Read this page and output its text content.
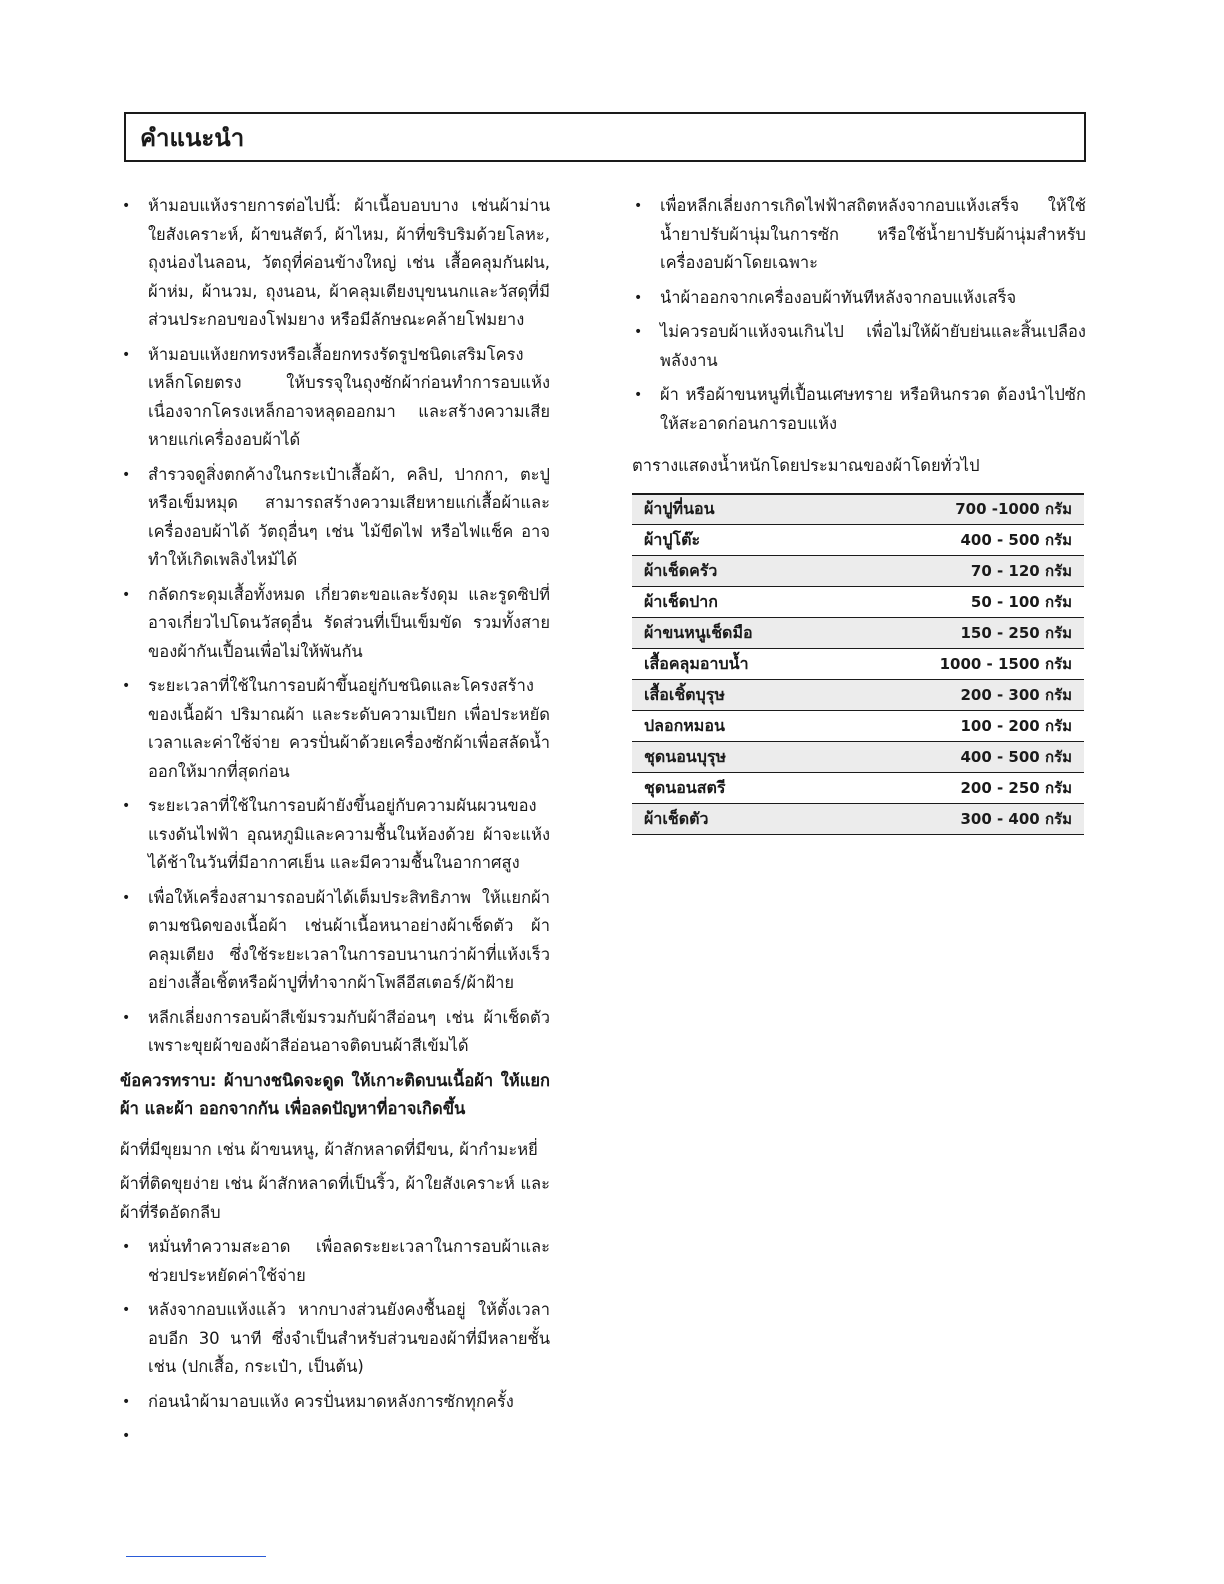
คำแนะนำ
• ห้ามอบแห้งรายการต่อไปนี้: ผ้าเนื้อบอบบาง เช่นผ้าม่านใยสังเคราะห์, ผ้าขนสัตว์, ผ้าไหม, ผ้าที่ขริบริมด้วยโลหะ, ถุงน่องไนลอน, วัตถุที่ค่อนข้างใหญ่ เช่น เสื้อคลุมกันฝน, ผ้าห่ม, ผ้านวม, ถุงนอน, ผ้าคลุมเตียงบุขนนกและวัสดุที่มีส่วนประกอบของโฟมยาง หรือมีลักษณะคล้ายโฟมยาง
• ห้ามอบแห้งยกทรงหรือเสื้อยกทรงรัดรูปชนิดเสริมโครงเหล็กโดยตรง ให้บรรจุในถุงซักผ้าก่อนทำการอบแห้ง เนื่องจากโครงเหล็กอาจหลุดออกมา และสร้างความเสียหายแก่เครื่องอบผ้าได้
• สำรวจดูสิ่งตกค้างในกระเป๋าเสื้อผ้า, คลิป, ปากกา, ตะปูหรือเข็มหมุด สามารถสร้างความเสียหายแก่เสื้อผ้าและเครื่องอบผ้าได้ วัตถุอื่นๆ เช่น ไม้ขีดไฟ หรือไฟแช็ค อาจทำให้เกิดเพลิงไหม้ได้
• กลัดกระดุมเสื้อทั้งหมด เกี่ยวตะขอและรังดุม และรูดซิปที่อาจเกี่ยวไปโดนวัสดุอื่น รัดส่วนที่เป็นเข็มขัด รวมทั้งสายของผ้ากันเปื้อนเพื่อไม่ให้พันกัน
• ระยะเวลาที่ใช้ในการอบผ้าขึ้นอยู่กับชนิดและโครงสร้างของเนื้อผ้า ปริมาณผ้า และระดับความเปียก เพื่อประหยัดเวลาและค่าใช้จ่าย ควรปั่นผ้าด้วยเครื่องซักผ้าเพื่อสลัดน้ำออกให้มากที่สุดก่อน
• ระยะเวลาที่ใช้ในการอบผ้ายังขึ้นอยู่กับความผันผวนของแรงดันไฟฟ้า อุณหภูมิและความชื้นในห้องด้วย ผ้าจะแห้งได้ช้าในวันที่มีอากาศเย็น และมีความชื้นในอากาศสูง
• เพื่อให้เครื่องสามารถอบผ้าได้เต็มประสิทธิภาพ ให้แยกผ้าตามชนิดของเนื้อผ้า เช่นผ้าเนื้อหนาอย่างผ้าเช็ดตัว ผ้าคลุมเตียง ซึ่งใช้ระยะเวลาในการอบนานกว่าผ้าที่แห้งเร็วอย่างเสื้อเชิ้ตหรือผ้าปูที่ทำจากผ้าโพลีอีสเตอร์/ผ้าฝ้าย
• หลีกเลี่ยงการอบผ้าสีเข้มรวมกับผ้าสีอ่อนๆ เช่น ผ้าเช็ดตัว เพราะขุยผ้าของผ้าสีอ่อนอาจติดบนผ้าสีเข้มได้
ข้อควรทราบ: ผ้าบางชนิดจะดูด ให้เกาะติดบนเนื้อผ้า ให้แยกผ้า และผ้า ออกจากกัน เพื่อลดปัญหาที่อาจเกิดขึ้น
ผ้าที่มีขุยมาก เช่น ผ้าขนหนู, ผ้าสักหลาดที่มีขน, ผ้ากำมะหยี่
ผ้าที่ติดขุยง่าย เช่น ผ้าสักหลาดที่เป็นริ้ว, ผ้าใยสังเคราะห์ และผ้าที่รีดอัดกลีบ
• หมั่นทำความสะอาด เพื่อลดระยะเวลาในการอบผ้าและช่วยประหยัดค่าใช้จ่าย
• หลังจากอบแห้งแล้ว หากบางส่วนยังคงชื้นอยู่ ให้ตั้งเวลาอบอีก 30 นาที ซึ่งจำเป็นสำหรับส่วนของผ้าที่มีหลายชั้น เช่น (ปกเสื้อ, กระเป๋า, เป็นต้น)
• ก่อนนำผ้ามาอบแห้ง ควรปั่นหมาดหลังการซักทุกครั้ง
•
• เพื่อหลีกเลี่ยงการเกิดไฟฟ้าสถิตหลังจากอบแห้งเสร็จ ให้ใช้น้ำยาปรับผ้านุ่มในการซัก หรือใช้น้ำยาปรับผ้านุ่มสำหรับเครื่องอบผ้าโดยเฉพาะ
• นำผ้าออกจากเครื่องอบผ้าทันทีหลังจากอบแห้งเสร็จ
• ไม่ควรอบผ้าแห้งจนเกินไป เพื่อไม่ให้ผ้ายับย่นและสิ้นเปลืองพลังงาน
• ผ้า หรือผ้าขนหนูที่เปื้อนเศษทราย หรือหินกรวด ต้องนำไปซักให้สะอาดก่อนการอบแห้ง
ตารางแสดงน้ำหนักโดยประมาณของผ้าโดยทั่วไป
ผ้าปูที่นอน	700 -1000 กรัม
ผ้าปูโต๊ะ	400 - 500 กรัม
ผ้าเช็ดครัว	70 - 120 กรัม
ผ้าเช็ดปาก	50 - 100 กรัม
ผ้าขนหนูเช็ดมือ	150 - 250 กรัม
เสื้อคลุมอาบน้ำ	1000 - 1500 กรัม
เสื้อเชิ้ตบุรุษ	200 - 300 กรัม
ปลอกหมอน	100 - 200 กรัม
ชุดนอนบุรุษ	400 - 500 กรัม
ชุดนอนสตรี	200 - 250 กรัม
ผ้าเช็ดตัว	300 - 400 กรัม
